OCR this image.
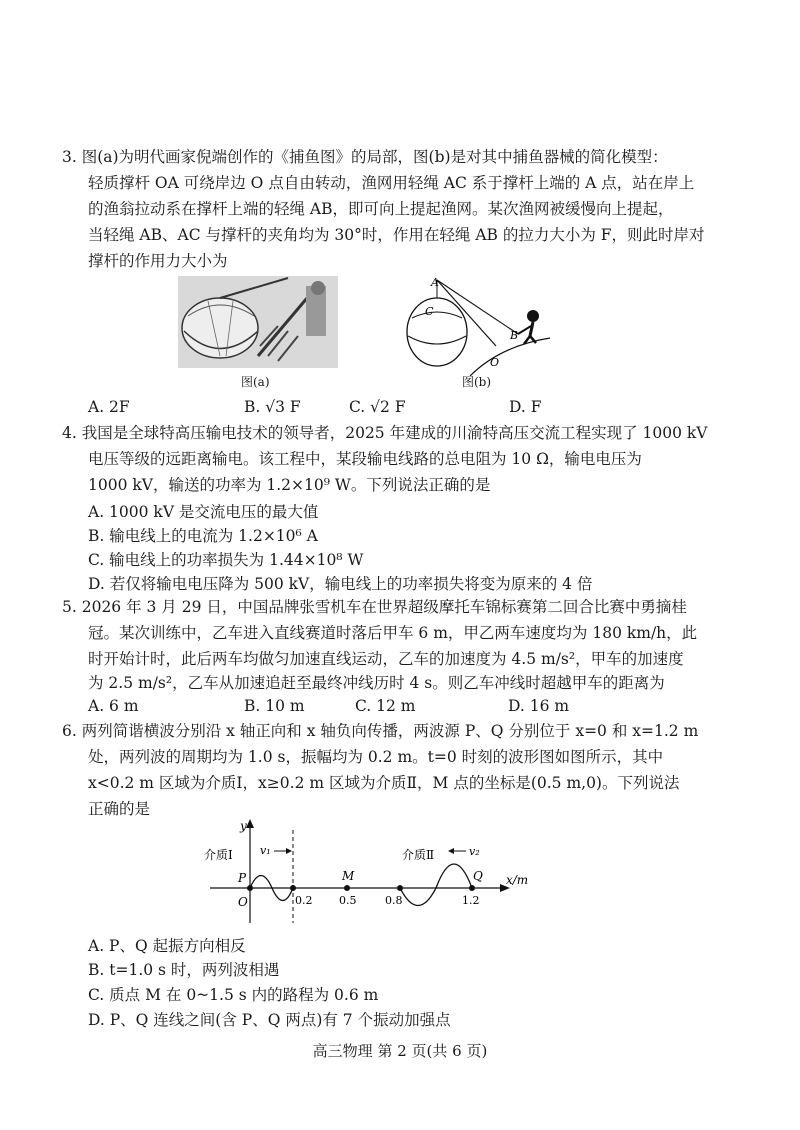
3. 图(a)为明代画家倪端创作的《捕鱼图》的局部，图(b)是对其中捕鱼器械的简化模型：
轻质撑杆 OA 可绕岸边 O 点自由转动，渔网用轻绳 AC 系于撑杆上端的 A 点，站在岸上
的渔翁拉动系在撑杆上端的轻绳 AB，即可向上提起渔网。某次渔网被缓慢向上提起，
当轻绳 AB、AC 与撑杆的夹角均为 30°时，作用在轻绳 AB 的拉力大小为 F，则此时岸对
撑杆的作用力大小为
图(a)
A
C
B
O
图(b)
A. 2F	B. √3 F	C. √2 F	D. F
4. 我国是全球特高压输电技术的领导者，2025 年建成的川渝特高压交流工程实现了 1000 kV
电压等级的远距离输电。该工程中，某段输电线路的总电阻为 10 Ω，输电电压为
1000 kV，输送的功率为 1.2×10⁹ W。下列说法正确的是
A. 1000 kV 是交流电压的最大值
B. 输电线上的电流为 1.2×10⁶ A
C. 输电线上的功率损失为 1.44×10⁸ W
D. 若仅将输电电压降为 500 kV，输电线上的功率损失将变为原来的 4 倍
5. 2026 年 3 月 29 日，中国品牌张雪机车在世界超级摩托车锦标赛第二回合比赛中勇摘桂
冠。某次训练中，乙车进入直线赛道时落后甲车 6 m，甲乙两车速度均为 180 km/h，此
时开始计时，此后两车均做匀加速直线运动，乙车的加速度为 4.5 m/s²，甲车的加速度
为 2.5 m/s²，乙车从加速追赶至最终冲线历时 4 s。则乙车冲线时超越甲车的距离为
A. 6 m	B. 10 m	C. 12 m	D. 16 m
6. 两列简谐横波分别沿 x 轴正向和 x 轴负向传播，两波源 P、Q 分别位于 x=0 和 x=1.2 m
处，两列波的周期均为 1.0 s，振幅均为 0.2 m。t=0 时刻的波形图如图所示，其中
x<0.2 m 区域为介质Ⅰ，x≥0.2 m 区域为介质Ⅱ，M 点的坐标是(0.5 m,0)。下列说法
正确的是
y
x/m
O
P	M	Q
0.2 0.5	0.8	1.2
介质Ⅰ v₁	介质Ⅱ	v₂
A. P、Q 起振方向相反
B. t=1.0 s 时，两列波相遇
C. 质点 M 在 0~1.5 s 内的路程为 0.6 m
D. P、Q 连线之间(含 P、Q 两点)有 7 个振动加强点
高三物理 第 2 页(共 6 页)
